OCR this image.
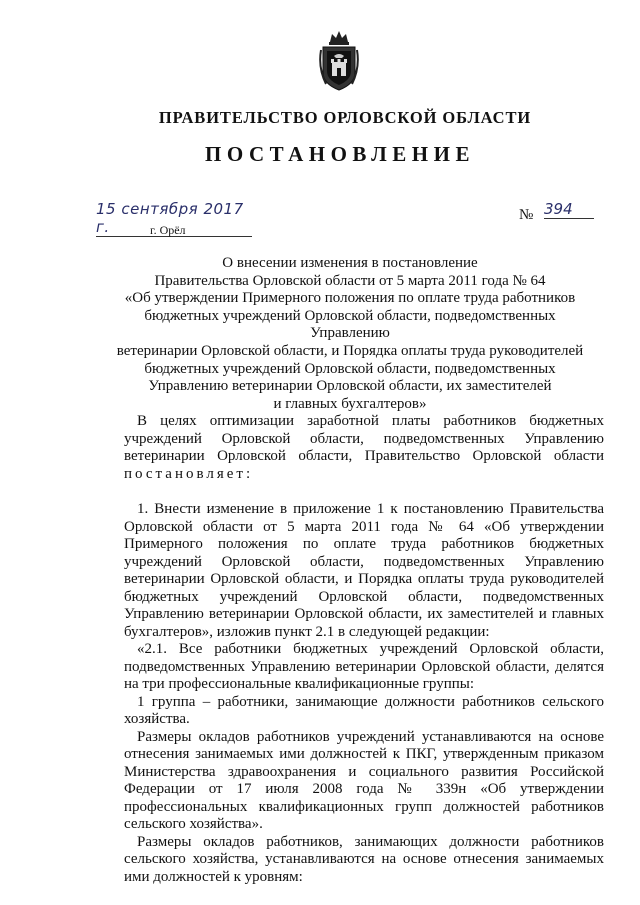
ПРАВИТЕЛЬСТВО ОРЛОВСКОЙ ОБЛАСТИ
ПОСТАНОВЛЕНИЕ
15 сентября 2017 г.	г. Орёл
№ 394
О внесении изменения в постановление
Правительства Орловской области от 5 марта 2011 года № 64
«Об утверждении Примерного положения по оплате труда работников
бюджетных учреждений Орловской области, подведомственных Управлению
ветеринарии Орловской области, и Порядка оплаты труда руководителей
бюджетных учреждений Орловской области, подведомственных
Управлению ветеринарии Орловской области, их заместителей
и главных бухгалтеров»

В целях оптимизации заработной платы работников бюджетных учреждений Орловской области, подведомственных Управлению ветеринарии Орловской области, Правительство Орловской области постановляет:

1. Внести изменение в приложение 1 к постановлению Правительства Орловской области от 5 марта 2011 года № 64 «Об утверждении Примерного положения по оплате труда работников бюджетных учреждений Орловской области, подведомственных Управлению ветеринарии Орловской области, и Порядка оплаты труда руководителей бюджетных учреждений Орловской области, подведомственных Управлению ветеринарии Орловской области, их заместителей и главных бухгалтеров», изложив пункт 2.1 в следующей редакции:

«2.1. Все работники бюджетных учреждений Орловской области, подведомственных Управлению ветеринарии Орловской области, делятся на три профессиональные квалификационные группы:

1 группа – работники, занимающие должности работников сельского хозяйства.

Размеры окладов работников учреждений устанавливаются на основе отнесения занимаемых ими должностей к ПКГ, утвержденным приказом Министерства здравоохранения и социального развития Российской Федерации от 17 июля 2008 года № 339н «Об утверждении профессиональных квалификационных групп должностей работников сельского хозяйства».

Размеры окладов работников, занимающих должности работников сельского хозяйства, устанавливаются на основе отнесения занимаемых ими должностей к уровням:
